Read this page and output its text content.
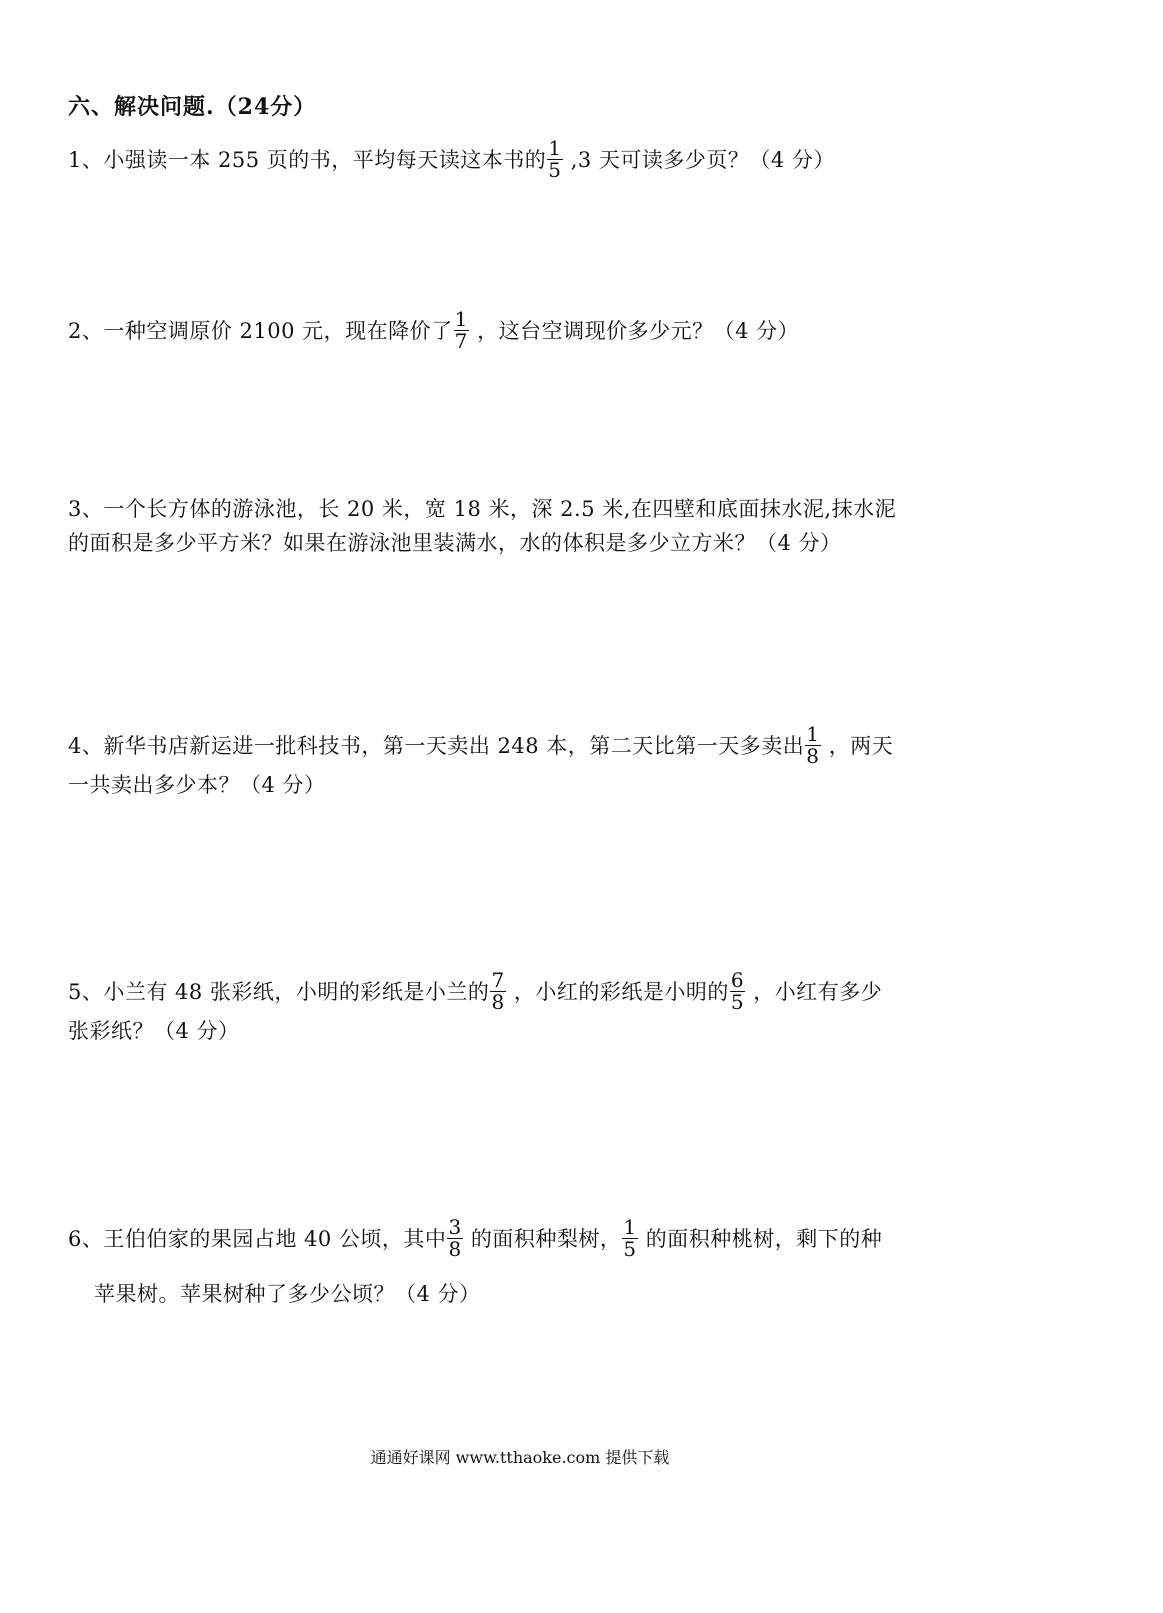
六、解决问题.（24分）
1、小强读一本 255 页的书，平均每天读这本书的 $\frac{1}{5} ,3$ 天可读多少页？（4 分）
2、一种空调原价 2100 元，现在降价了 $\frac{1}{7}$ ，这台空调现价多少元？（4 分）
3、一个长方体的游泳池，长 20 米，宽 18 米，深 2.5 米,在四壁和底面抹水泥,抹水泥
的面积是多少平方米？如果在游泳池里装满水，水的体积是多少立方米？（4 分）
4、新华书店新运进一批科技书，第一天卖出 248 本，第二天比第一天多卖出 $\frac{1}{8}$ ，两天
一共卖出多少本？（4 分）
5、小兰有 48 张彩纸，小明的彩纸是小兰的 $\frac{7}{8}$ ，小红的彩纸是小明的 $\frac{6}{5}$ ，小红有多少
张彩纸？（4 分）
6、王伯伯家的果园占地 40 公顷，其中 $\frac{3}{8}$ 的面积种梨树， $\frac{1}{5}$ 的面积种桃树，剩下的种
苹果树。苹果树种了多少公顷？（4 分）
通通好课网 www.tthaoke.com 提供下载
